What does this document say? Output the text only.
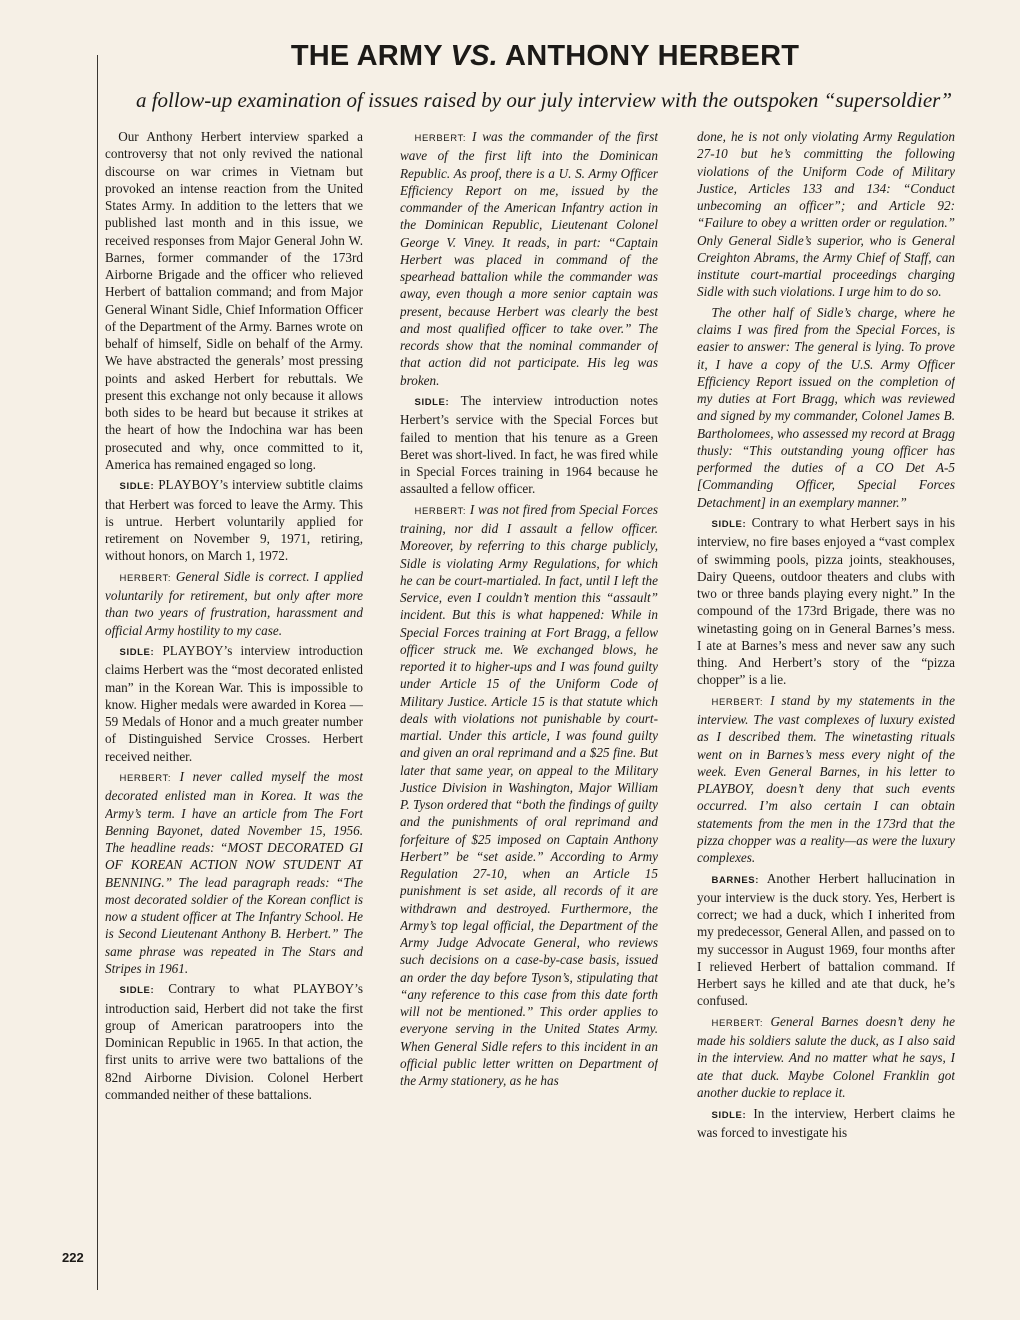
THE ARMY VS. ANTHONY HERBERT

a follow-up examination of issues raised by our july interview with the outspoken “supersoldier”

Our Anthony Herbert interview sparked a controversy that not only revived the national discourse on war crimes in Vietnam but provoked an intense reaction from the United States Army. In addition to the letters that we published last month and in this issue, we received responses from Major General John W. Barnes, former commander of the 173rd Airborne Brigade and the officer who relieved Herbert of battalion command; and from Major General Winant Sidle, Chief Information Officer of the Department of the Army. Barnes wrote on behalf of himself, Sidle on behalf of the Army. We have abstracted the generals’ most pressing points and asked Herbert for rebuttals. We present this exchange not only because it allows both sides to be heard but because it strikes at the heart of how the Indochina war has been prosecuted and why, once committed to it, America has remained engaged so long.

SIDLE: PLAYBOY’s interview subtitle claims that Herbert was forced to leave the Army. This is untrue. Herbert voluntarily applied for retirement on November 9, 1971, retiring, without honors, on March 1, 1972.

HERBERT: General Sidle is correct. I applied voluntarily for retirement, but only after more than two years of frustration, harassment and official Army hostility to my case.

SIDLE: PLAYBOY’s interview introduction claims Herbert was the “most decorated enlisted man” in the Korean War. This is impossible to know. Higher medals were awarded in Korea —59 Medals of Honor and a much greater number of Distinguished Service Crosses. Herbert received neither.

HERBERT: I never called myself the most decorated enlisted man in Korea. It was the Army’s term. I have an article from The Fort Benning Bayonet, dated November 15, 1956. The headline reads: “MOST DECORATED GI OF KOREAN ACTION NOW STUDENT AT BENNING.” The lead paragraph reads: “The most decorated soldier of the Korean conflict is now a student officer at The Infantry School. He is Second Lieutenant Anthony B. Herbert.” The same phrase was repeated in The Stars and Stripes in 1961.

SIDLE: Contrary to what PLAYBOY’s introduction said, Herbert did not take the first group of American paratroopers into the Dominican Republic in 1965. In that action, the first units to arrive were two battalions of the 82nd Airborne Division. Colonel Herbert commanded neither of these battalions.

HERBERT: I was the commander of the first wave of the first lift into the Dominican Republic. As proof, there is a U. S. Army Officer Efficiency Report on me, issued by the commander of the American Infantry action in the Dominican Republic, Lieutenant Colonel George V. Viney. It reads, in part: “Captain Herbert was placed in command of the spearhead battalion while the commander was away, even though a more senior captain was present, because Herbert was clearly the best and most qualified officer to take over.” The records show that the nominal commander of that action did not participate. His leg was broken.

SIDLE: The interview introduction notes Herbert’s service with the Special Forces but failed to mention that his tenure as a Green Beret was short-lived. In fact, he was fired while in Special Forces training in 1964 because he assaulted a fellow officer.

HERBERT: I was not fired from Special Forces training, nor did I assault a fellow officer. Moreover, by referring to this charge publicly, Sidle is violating Army Regulations, for which he can be court-martialed. In fact, until I left the Service, even I couldn’t mention this “assault” incident. But this is what happened: While in Special Forces training at Fort Bragg, a fellow officer struck me. We exchanged blows, he reported it to higher-ups and I was found guilty under Article 15 of the Uniform Code of Military Justice. Article 15 is that statute which deals with violations not punishable by court-martial. Under this article, I was found guilty and given an oral reprimand and a $25 fine. But later that same year, on appeal to the Military Justice Division in Washington, Major William P. Tyson ordered that “both the findings of guilty and the punishments of oral reprimand and forfeiture of $25 imposed on Captain Anthony Herbert” be “set aside.” According to Army Regulation 27-10, when an Article 15 punishment is set aside, all records of it are withdrawn and destroyed. Furthermore, the Army’s top legal official, the Department of the Army Judge Advocate General, who reviews such decisions on a case-by-case basis, issued an order the day before Tyson’s, stipulating that “any reference to this case from this date forth will not be mentioned.” This order applies to everyone serving in the United States Army. When General Sidle refers to this incident in an official public letter written on Department of the Army stationery, as he has

done, he is not only violating Army Regulation 27-10 but he’s committing the following violations of the Uniform Code of Military Justice, Articles 133 and 134: “Conduct unbecoming an officer”; and Article 92: “Failure to obey a written order or regulation.” Only General Sidle’s superior, who is General Creighton Abrams, the Army Chief of Staff, can institute court-martial proceedings charging Sidle with such violations. I urge him to do so.

The other half of Sidle’s charge, where he claims I was fired from the Special Forces, is easier to answer: The general is lying. To prove it, I have a copy of the U.S. Army Officer Efficiency Report issued on the completion of my duties at Fort Bragg, which was reviewed and signed by my commander, Colonel James B. Bartholomees, who assessed my record at Bragg thusly: “This outstanding young officer has performed the duties of a CO Det A-5 [Commanding Officer, Special Forces Detachment] in an exemplary manner.”

SIDLE: Contrary to what Herbert says in his interview, no fire bases enjoyed a “vast complex of swimming pools, pizza joints, steakhouses, Dairy Queens, outdoor theaters and clubs with two or three bands playing every night.” In the compound of the 173rd Brigade, there was no winetasting going on in General Barnes’s mess. I ate at Barnes’s mess and never saw any such thing. And Herbert’s story of the “pizza chopper” is a lie.

HERBERT: I stand by my statements in the interview. The vast complexes of luxury existed as I described them. The winetasting rituals went on in Barnes’s mess every night of the week. Even General Barnes, in his letter to PLAYBOY, doesn’t deny that such events occurred. I’m also certain I can obtain statements from the men in the 173rd that the pizza chopper was a reality—as were the luxury complexes.

BARNES: Another Herbert hallucination in your interview is the duck story. Yes, Herbert is correct; we had a duck, which I inherited from my predecessor, General Allen, and passed on to my successor in August 1969, four months after I relieved Herbert of battalion command. If Herbert says he killed and ate that duck, he’s confused.

HERBERT: General Barnes doesn’t deny he made his soldiers salute the duck, as I also said in the interview. And no matter what he says, I ate that duck. Maybe Colonel Franklin got another duckie to replace it.

SIDLE: In the interview, Herbert claims he was forced to investigate his

222
